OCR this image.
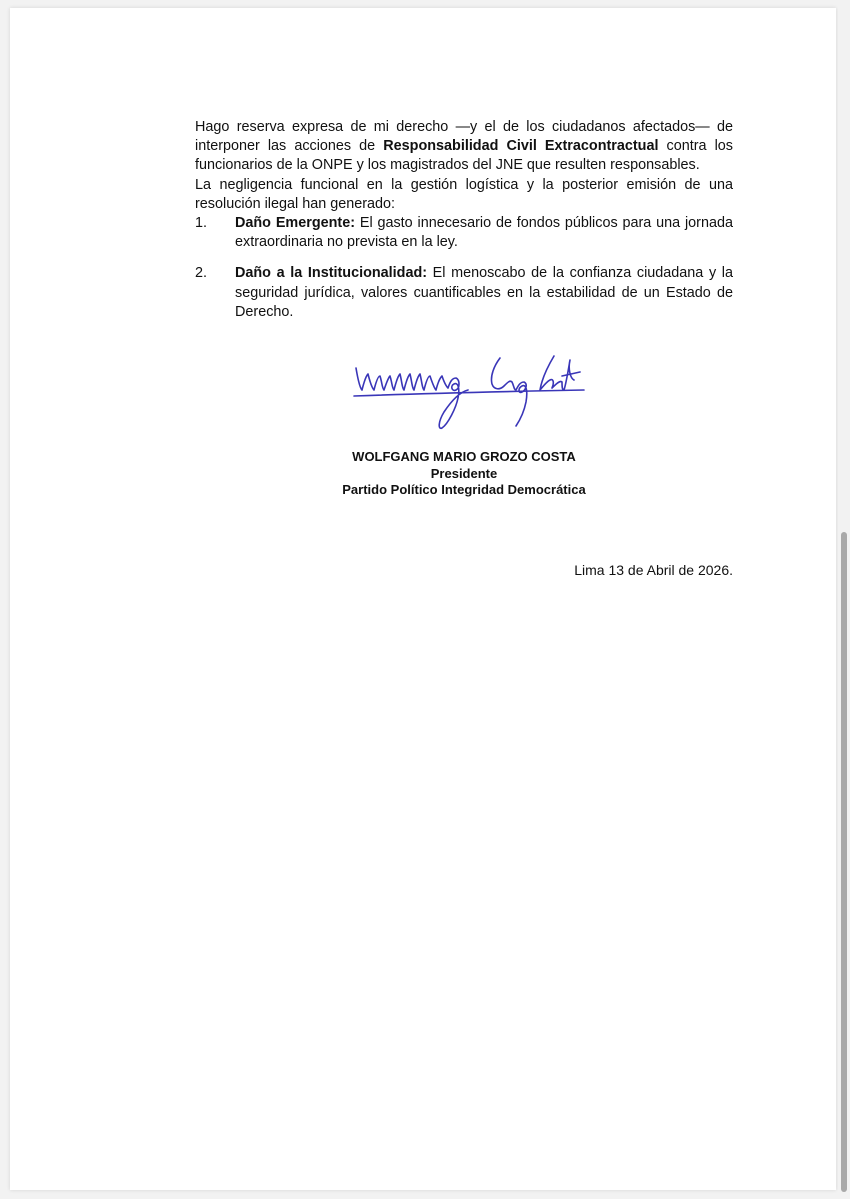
Hago reserva expresa de mi derecho —y el de los ciudadanos afectados— de interponer las acciones de Responsabilidad Civil Extracontractual contra los funcionarios de la ONPE y los magistrados del JNE que resulten responsables.

La negligencia funcional en la gestión logística y la posterior emisión de una resolución ilegal han generado:

1.	Daño Emergente: El gasto innecesario de fondos públicos para una jornada extraordinaria no prevista en la ley.
2.	Daño a la Institucionalidad: El menoscabo de la confianza ciudadana y la seguridad jurídica, valores cuantificables en la estabilidad de un Estado de Derecho.
WOLFGANG MARIO GROZO COSTA
Presidente
Partido Político Integridad Democrática
Lima 13 de Abril de 2026.
